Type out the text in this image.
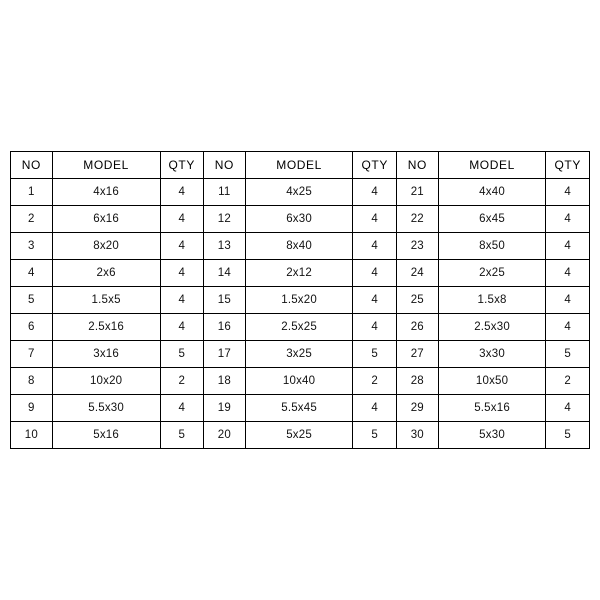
NO	MODEL	QTY	NO	MODEL	QTY	NO	MODEL	QTY
1	4x16	4	11	4x25	4	21	4x40	4
2	6x16	4	12	6x30	4	22	6x45	4
3	8x20	4	13	8x40	4	23	8x50	4
4	2x6	4	14	2x12	4	24	2x25	4
5	1.5x5	4	15	1.5x20	4	25	1.5x8	4
6	2.5x16	4	16	2.5x25	4	26	2.5x30	4
7	3x16	5	17	3x25	5	27	3x30	5
8	10x20	2	18	10x40	2	28	10x50	2
9	5.5x30	4	19	5.5x45	4	29	5.5x16	4
10	5x16	5	20	5x25	5	30	5x30	5
